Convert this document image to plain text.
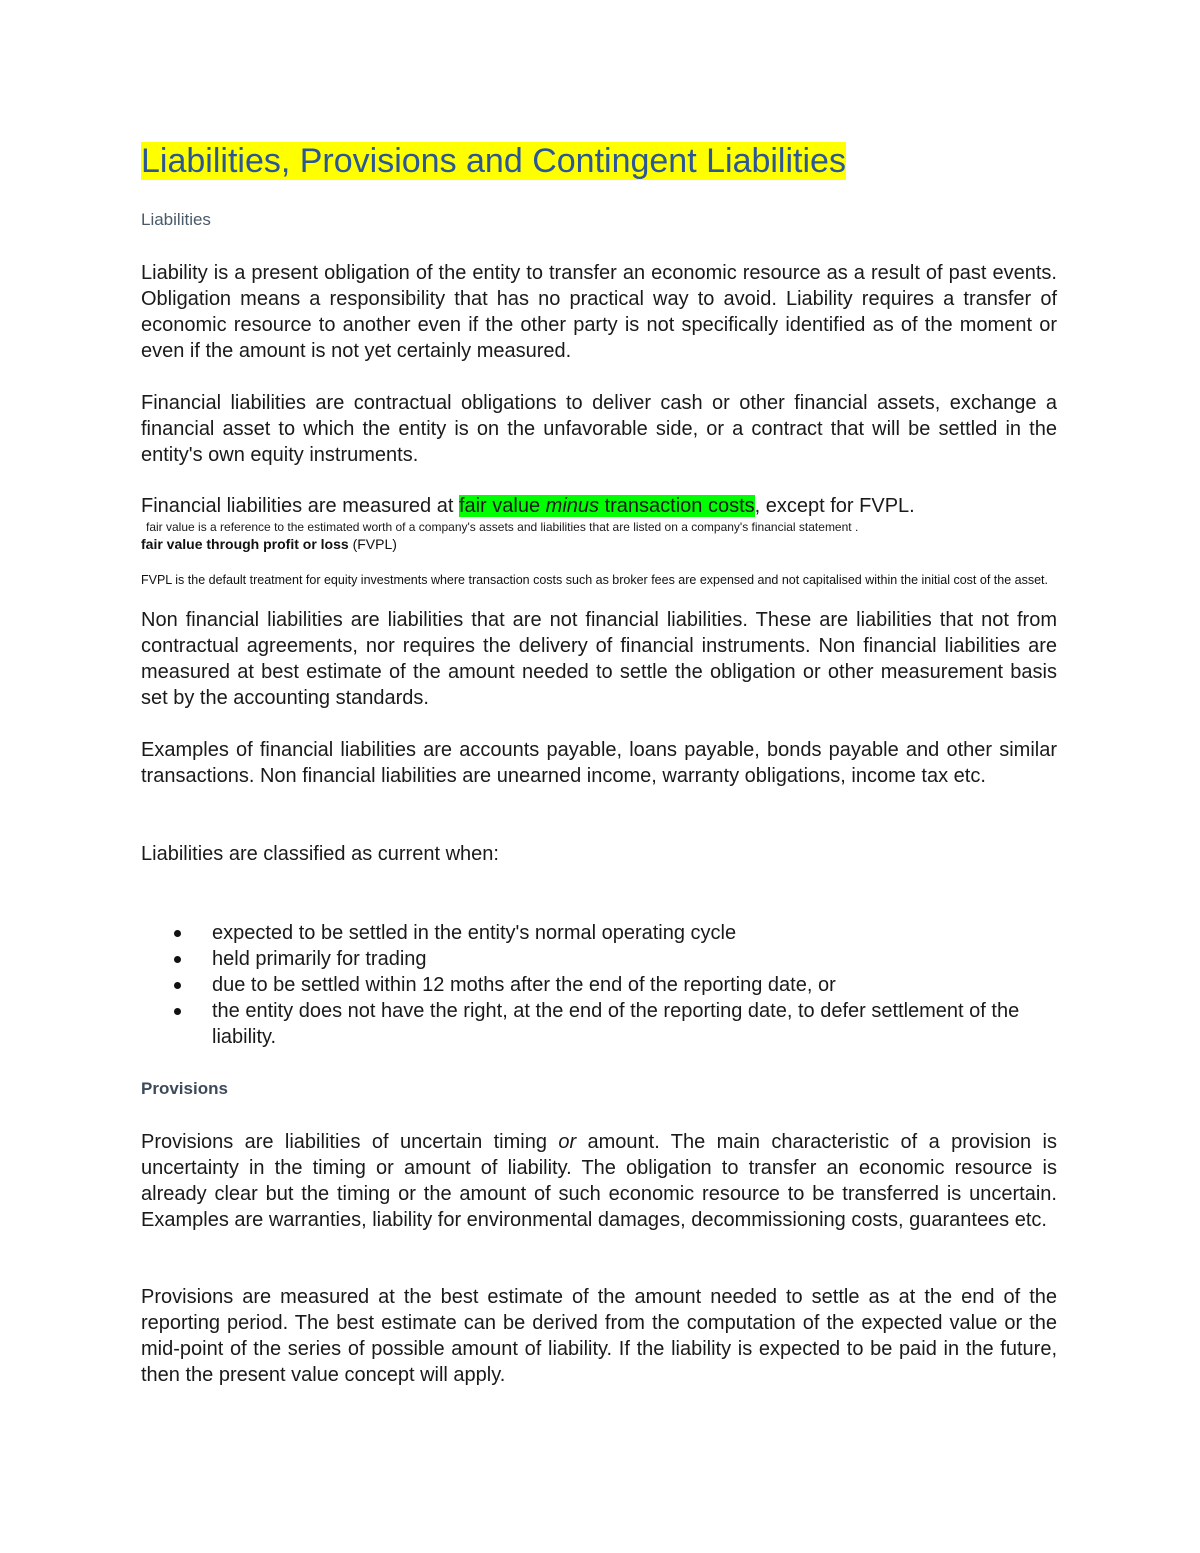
Liabilities, Provisions and Contingent Liabilities
Liabilities

Liability is a present obligation of the entity to transfer an economic resource as a result of past events. Obligation means a responsibility that has no practical way to avoid. Liability requires a transfer of economic resource to another even if the other party is not specifically identified as of the moment or even if the amount is not yet certainly measured.

Financial liabilities are contractual obligations to deliver cash or other financial assets, exchange a financial asset to which the entity is on the unfavorable side, or a contract that will be settled in the entity's own equity instruments.

Financial liabilities are measured at fair value minus transaction costs, except for FVPL.

fair value is a reference to the estimated worth of a company's assets and liabilities that are listed on a company's financial statement .
fair value through profit or loss (FVPL)
FVPL is the default treatment for equity investments where transaction costs such as broker fees are expensed and not capitalised within the initial cost of the asset.

Non financial liabilities are liabilities that are not financial liabilities. These are liabilities that not from contractual agreements, nor requires the delivery of financial instruments. Non financial liabilities are measured at best estimate of the amount needed to settle the obligation or other measurement basis set by the accounting standards.

Examples of financial liabilities are accounts payable, loans payable, bonds payable and other similar transactions. Non financial liabilities are unearned income, warranty obligations, income tax etc.

Liabilities are classified as current when:

expected to be settled in the entity's normal operating cycle
held primarily for trading
due to be settled within 12 moths after the end of the reporting date, or
the entity does not have the right, at the end of the reporting date, to defer settlement of the liability.
Provisions

Provisions are liabilities of uncertain timing or amount. The main characteristic of a provision is uncertainty in the timing or amount of liability. The obligation to transfer an economic resource is already clear but the timing or the amount of such economic resource to be transferred is uncertain. Examples are warranties, liability for environmental damages, decommissioning costs, guarantees etc.

Provisions are measured at the best estimate of the amount needed to settle as at the end of the reporting period. The best estimate can be derived from the computation of the expected value or the mid-point of the series of possible amount of liability. If the liability is expected to be paid in the future, then the present value concept will apply.
